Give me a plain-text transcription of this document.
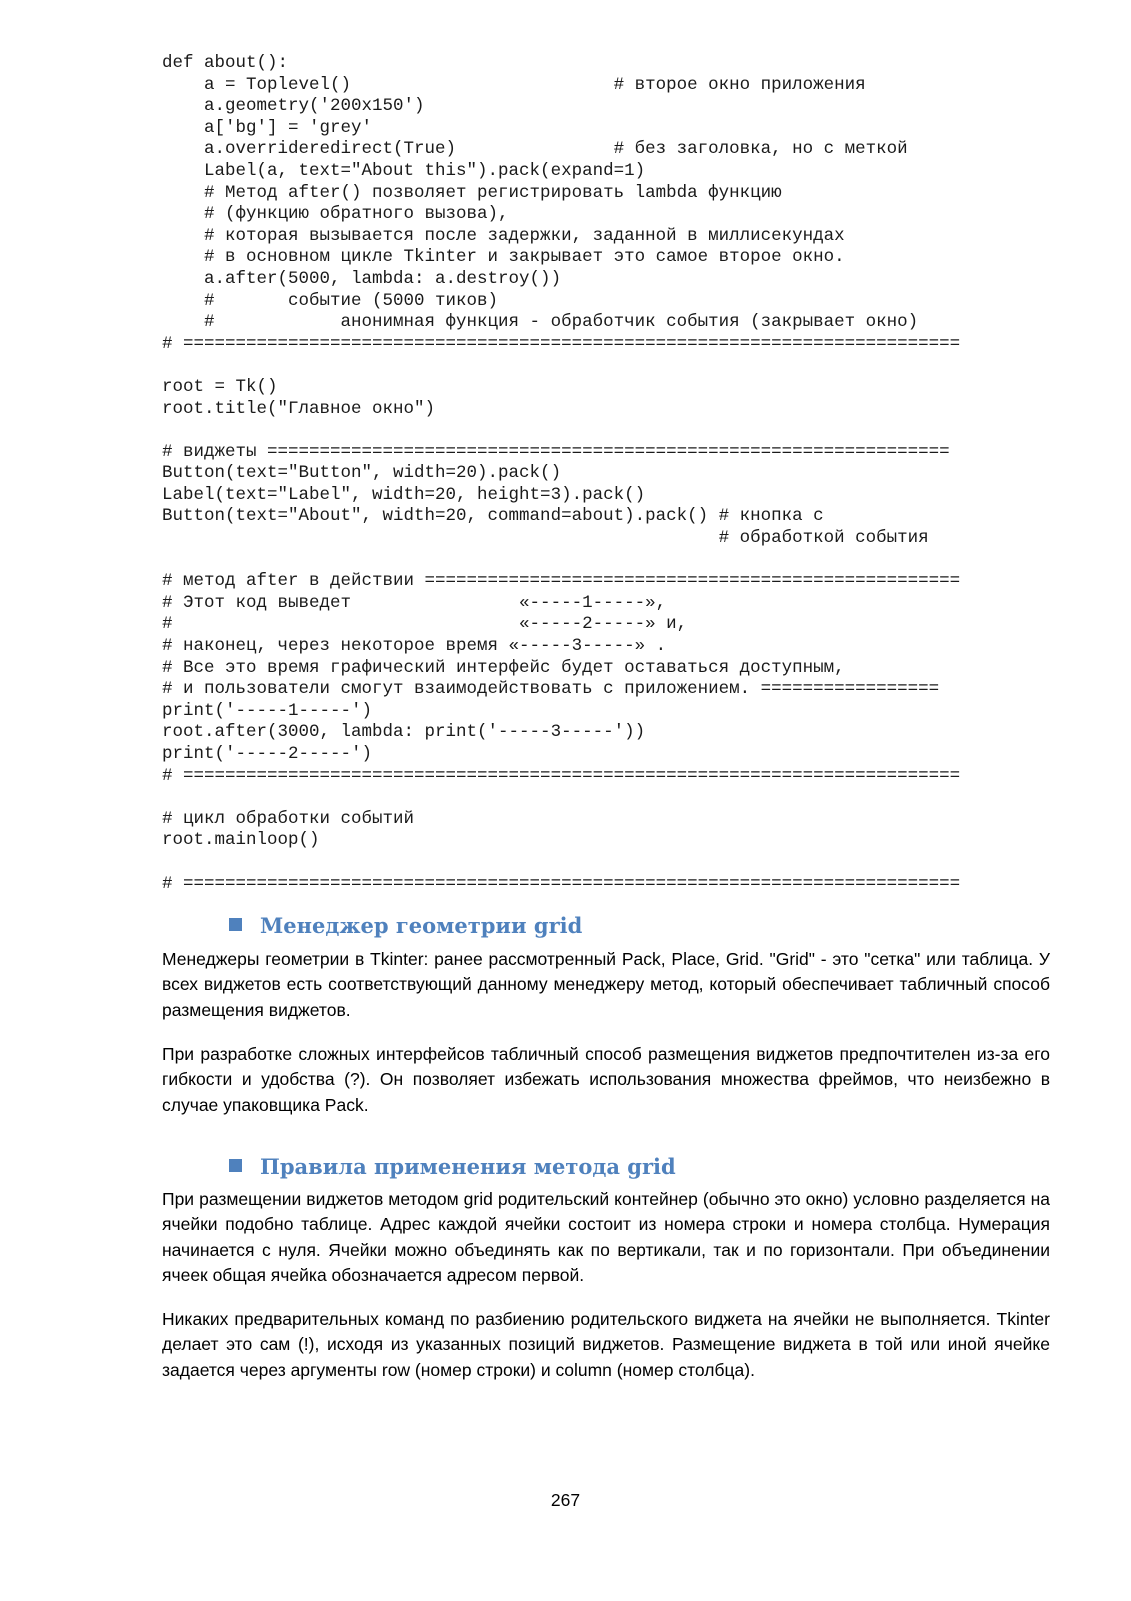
def about():
a = Toplevel()                         # второе окно приложения
a.geometry('200x150')
a['bg'] = 'grey'
a.overrideredirect(True)               # без заголовка, но с меткой
Label(a, text="About this").pack(expand=1)
# Метод after() позволяет регистрировать lambda функцию
# (функцию обратного вызова),
# которая вызывается после задержки, заданной в миллисекундах
# в основном цикле Tkinter и закрывает это самое второе окно.
a.after(5000, lambda: a.destroy())
#       событие (5000 тиков)
#            анонимная функция - обработчик события (закрывает окно)
# ==========================================================================
root = Tk()
root.title("Главное окно")
# виджеты =================================================================
Button(text="Button", width=20).pack()
Label(text="Label", width=20, height=3).pack()
Button(text="About", width=20, command=about).pack() # кнопка с
# обработкой события
# метод after в действии ===================================================
# Этот код выведет                «-----1-----»,
#                                 «-----2-----» и,
# наконец, через некоторое время «-----3-----» .
# Все это время графический интерфейс будет оставаться доступным,
# и пользователи смогут взаимодействовать с приложением. =================
print('-----1-----')
root.after(3000, lambda: print('-----3-----'))
print('-----2-----')
# ==========================================================================
# цикл обработки событий
root.mainloop()
# ==========================================================================
Менеджер геометрии grid

Менеджеры геометрии в Tkinter: ранее рассмотренный Pack, Place, Grid. "Grid" - это "сетка" или таблица. У всех виджетов есть соответствующий данному менеджеру метод, который обеспечивает табличный способ размещения виджетов.

При разработке сложных интерфейсов табличный способ размещения виджетов предпочтителен из-за его гибкости и удобства (?). Он позволяет избежать использования множества фреймов, что неизбежно в случае упаковщика Pack.

Правила применения метода grid

При размещении виджетов методом grid родительский контейнер (обычно это окно) условно разделяется на ячейки подобно таблице. Адрес каждой ячейки состоит из номера строки и номера столбца. Нумерация начинается с нуля. Ячейки можно объединять как по вертикали, так и по горизонтали. При объединении ячеек общая ячейка обозначается адресом первой.

Никаких предварительных команд по разбиению родительского виджета на ячейки не выполняется. Tkinter делает это сам (!), исходя из указанных позиций виджетов. Размещение виджета в той или иной ячейке задается через аргументы row (номер строки) и column (номер столбца).

267
